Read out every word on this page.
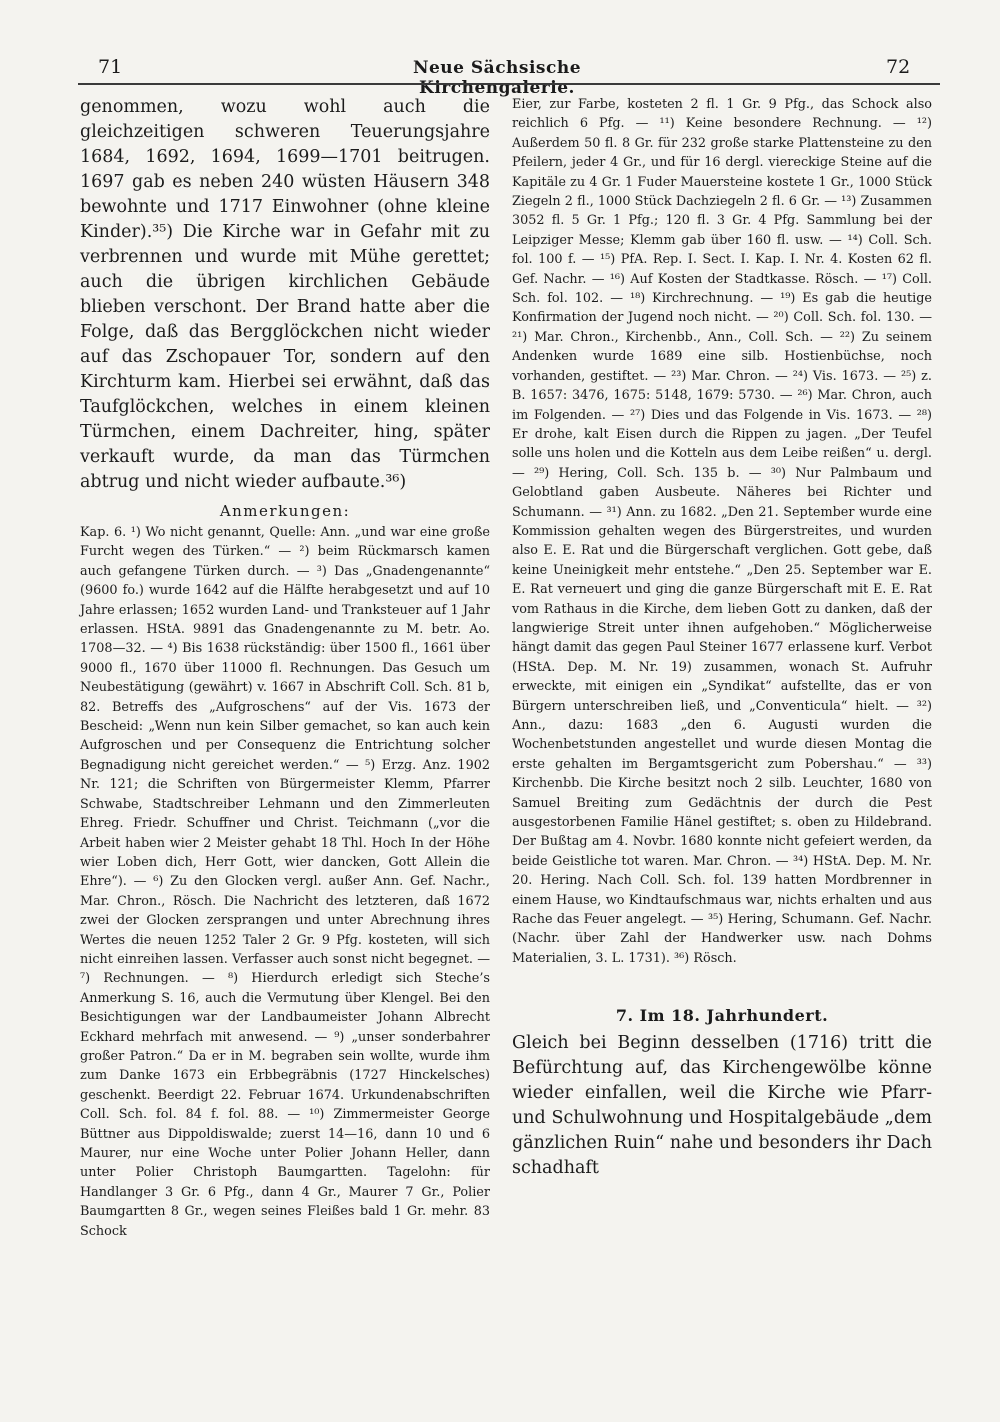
71	Neue Sächsische Kirchengalerie.
72

genommen, wozu wohl auch die gleichzeitigen schweren Teuerungsjahre 1684, 1692, 1694, 1699—1701 beitrugen. 1697 gab es neben 240 wüsten Häusern 348 bewohnte und 1717 Einwohner (ohne kleine Kinder).³⁵) Die Kirche war in Gefahr mit zu verbrennen und wurde mit Mühe gerettet; auch die übrigen kirchlichen Gebäude blieben verschont. Der Brand hatte aber die Folge, daß das Bergglöckchen nicht wieder auf das Zschopauer Tor, sondern auf den Kirchturm kam. Hierbei sei erwähnt, daß das Taufglöckchen, welches in einem kleinen Türmchen, einem Dachreiter, hing, später verkauft wurde, da man das Türmchen abtrug und nicht wieder aufbaute.³⁶)

Anmerkungen:

Kap. 6. ¹) Wo nicht genannt, Quelle: Ann. „und war eine große Furcht wegen des Türken.“ — ²) beim Rückmarsch kamen auch gefangene Türken durch. — ³) Das „Gnadengenannte“ (9600 fo.) wurde 1642 auf die Hälfte herabgesetzt und auf 10 Jahre erlassen; 1652 wurden Land- und Tranksteuer auf 1 Jahr erlassen. HStA. 9891 das Gnadengenannte zu M. betr. Ao. 1708—32. — ⁴) Bis 1638 rückständig: über 1500 fl., 1661 über 9000 fl., 1670 über 11000 fl. Rechnungen. Das Gesuch um Neubestätigung (gewährt) v. 1667 in Abschrift Coll. Sch. 81 b, 82. Betreffs des „Aufgroschens“ auf der Vis. 1673 der Bescheid: „Wenn nun kein Silber gemachet, so kan auch kein Aufgroschen und per Consequenz die Entrichtung solcher Begnadigung nicht gereichet werden.“ — ⁵) Erzg. Anz. 1902 Nr. 121; die Schriften von Bürgermeister Klemm, Pfarrer Schwabe, Stadtschreiber Lehmann und den Zimmerleuten Ehreg. Friedr. Schuffner und Christ. Teichmann („vor die Arbeit haben wier 2 Meister gehabt 18 Thl. Hoch In der Höhe wier Loben dich, Herr Gott, wier dancken, Gott Allein die Ehre“). — ⁶) Zu den Glocken vergl. außer Ann. Gef. Nachr., Mar. Chron., Rösch. Die Nachricht des letzteren, daß 1672 zwei der Glocken zersprangen und unter Abrechnung ihres Wertes die neuen 1252 Taler 2 Gr. 9 Pfg. kosteten, will sich nicht einreihen lassen. Verfasser auch sonst nicht begegnet. — ⁷) Rechnungen. — ⁸) Hierdurch erledigt sich Steche’s Anmerkung S. 16, auch die Vermutung über Klengel. Bei den Besichtigungen war der Landbaumeister Johann Albrecht Eckhard mehrfach mit anwesend. — ⁹) „unser sonderbahrer großer Patron.“ Da er in M. begraben sein wollte, wurde ihm zum Danke 1673 ein Erbbegräbnis (1727 Hinckelsches) geschenkt. Beerdigt 22. Februar 1674. Urkundenabschriften Coll. Sch. fol. 84 f. fol. 88. — ¹⁰) Zimmermeister George Büttner aus Dippoldiswalde; zuerst 14—16, dann 10 und 6 Maurer, nur eine Woche unter Polier Johann Heller, dann unter Polier Christoph Baumgartten. Tagelohn: für Handlanger 3 Gr. 6 Pfg., dann 4 Gr., Maurer 7 Gr., Polier Baumgartten 8 Gr., wegen seines Fleißes bald 1 Gr. mehr. 83 Schock

Eier, zur Farbe, kosteten 2 fl. 1 Gr. 9 Pfg., das Schock also reichlich 6 Pfg. — ¹¹) Keine besondere Rechnung. — ¹²) Außerdem 50 fl. 8 Gr. für 232 große starke Plattensteine zu den Pfeilern, jeder 4 Gr., und für 16 dergl. viereckige Steine auf die Kapitäle zu 4 Gr. 1 Fuder Mauersteine kostete 1 Gr., 1000 Stück Ziegeln 2 fl., 1000 Stück Dachziegeln 2 fl. 6 Gr. — ¹³) Zusammen 3052 fl. 5 Gr. 1 Pfg.; 120 fl. 3 Gr. 4 Pfg. Sammlung bei der Leipziger Messe; Klemm gab über 160 fl. usw. — ¹⁴) Coll. Sch. fol. 100 f. — ¹⁵) PfA. Rep. I. Sect. I. Kap. I. Nr. 4. Kosten 62 fl. Gef. Nachr. — ¹⁶) Auf Kosten der Stadtkasse. Rösch. — ¹⁷) Coll. Sch. fol. 102. — ¹⁸) Kirchrechnung. — ¹⁹) Es gab die heutige Konfirmation der Jugend noch nicht. — ²⁰) Coll. Sch. fol. 130. — ²¹) Mar. Chron., Kirchenbb., Ann., Coll. Sch. — ²²) Zu seinem Andenken wurde 1689 eine silb. Hostienbüchse, noch vorhanden, gestiftet. — ²³) Mar. Chron. — ²⁴) Vis. 1673. — ²⁵) z. B. 1657: 3476, 1675: 5148, 1679: 5730. — ²⁶) Mar. Chron, auch im Folgenden. — ²⁷) Dies und das Folgende in Vis. 1673. — ²⁸) Er drohe, kalt Eisen durch die Rippen zu jagen. „Der Teufel solle uns holen und die Kotteln aus dem Leibe reißen“ u. dergl. — ²⁹) Hering, Coll. Sch. 135 b. — ³⁰) Nur Palmbaum und Gelobtland gaben Ausbeute. Näheres bei Richter und Schumann. — ³¹) Ann. zu 1682. „Den 21. September wurde eine Kommission gehalten wegen des Bürgerstreites, und wurden also E. E. Rat und die Bürgerschaft verglichen. Gott gebe, daß keine Uneinigkeit mehr entstehe.“ „Den 25. September war E. E. Rat verneuert und ging die ganze Bürgerschaft mit E. E. Rat vom Rathaus in die Kirche, dem lieben Gott zu danken, daß der langwierige Streit unter ihnen aufgehoben.“ Möglicherweise hängt damit das gegen Paul Steiner 1677 erlassene kurf. Verbot (HStA. Dep. M. Nr. 19) zusammen, wonach St. Aufruhr erweckte, mit einigen ein „Syndikat“ aufstellte, das er von Bürgern unterschreiben ließ, und „Conventicula“ hielt. — ³²) Ann., dazu: 1683 „den 6. Augusti wurden die Wochenbetstunden angestellet und wurde diesen Montag die erste gehalten im Bergamtsgericht zum Pobershau.“ — ³³) Kirchenbb. Die Kirche besitzt noch 2 silb. Leuchter, 1680 von Samuel Breiting zum Gedächtnis der durch die Pest ausgestorbenen Familie Hänel gestiftet; s. oben zu Hildebrand. Der Bußtag am 4. Novbr. 1680 konnte nicht gefeiert werden, da beide Geistliche tot waren. Mar. Chron. — ³⁴) HStA. Dep. M. Nr. 20. Hering. Nach Coll. Sch. fol. 139 hatten Mordbrenner in einem Hause, wo Kindtaufschmaus war, nichts erhalten und aus Rache das Feuer angelegt. — ³⁵) Hering, Schumann. Gef. Nachr. (Nachr. über Zahl der Handwerker usw. nach Dohms Materialien, 3. L. 1731). ³⁶) Rösch.

7. Im 18. Jahrhundert.

Gleich bei Beginn desselben (1716) tritt die Befürchtung auf, das Kirchengewölbe könne wieder einfallen, weil die Kirche wie Pfarr- und Schulwohnung und Hospitalgebäude „dem gänzlichen Ruin“ nahe und besonders ihr Dach schadhaft
